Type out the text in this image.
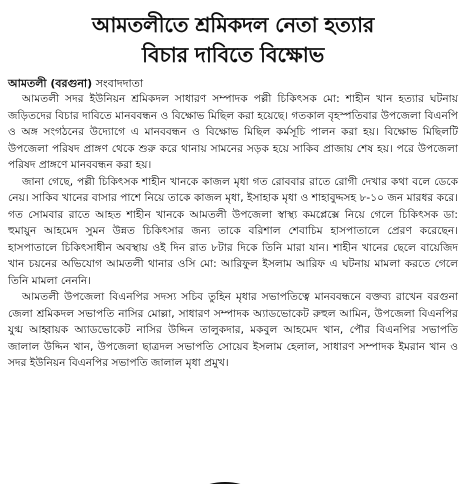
আমতলীতে শ্রমিকদল নেতা হত্যার
বিচার দাবিতে বিক্ষোভ
আমতলী (বরগুনা) সংবাদদাতা

আমতলী সদর ইউনিয়ন শ্রমিকদল সাধারণ সম্পাদক পল্লী চিকিৎসক মো: শাহীন খান হত্যার ঘটনায় জড়িতদের বিচার দাবিতে মানববন্ধন ও বিক্ষোভ মিছিল করা হয়েছে। গতকাল বৃহস্পতিবার উপজেলা বিএনপি ও অঙ্গ সংগঠনের উদ্যোগে এ মানববন্ধন ও বিক্ষোভ মিছিল কর্মসূচি পালন করা হয়। বিক্ষোভ মিছিলটি উপজেলা পরিষদ প্রাঙ্গণ থেকে শুরু করে থানায় সামনের সড়ক হয়ে সাকিব প্রাজায় শেষ হয়। পরে উপজেলা পরিষদ প্রাঙ্গণে মানববন্ধন করা হয়।

জানা গেছে, পল্লী চিকিৎসক শাহীন খানকে কাজল মৃধা গত রোববার রাতে রোগী দেখার কথা বলে ডেকে নেয়। সাকিব খানের বাসার পাশে নিয়ে তাকে কাজল মৃধা, ইসাহাক মৃধা ও শাহাবুদ্দসহ ৮-১০ জন মারধর করে। গত সোমবার রাতে আহত শাহীন খানকে আমতলী উপজেলা স্বাস্থ্য কমপ্লেক্সে নিয়ে গেলে চিকিৎসক ডা: হুমায়ুন আহমেদ সুমন উন্নত চিকিৎসার জন্য তাকে বরিশাল শেবাচিম হাসপাতালে প্রেরণ করেছেন। হাসপাতালে চিকিৎসাধীন অবস্থায় ওই দিন রাত ৮টার দিকে তিনি মারা যান। শাহীন খানের ছেলে বায়েজিদ খান চয়নের অভিযোগ আমতলী থানার ওসি মো: আরিফুল ইসলাম আরিফ এ ঘটনায় মামলা করতে গেলে তিনি মামলা নেননি।

আমতলী উপজেলা বিএনপির সদস্য সচিব তুহিন মৃধার সভাপতিত্বে মানববন্ধনে বক্তব্য রাখেন বরগুনা জেলা শ্রমিকদল সভাপতি নাসির মোল্লা, সাধারণ সম্পাদক অ্যাডভোকেট রুহুল আমিন, উপজেলা বিএনপির যুগ্ম আহ্বায়ক অ্যাডভোকেট নাসির উদ্দিন তালুকদার, মকবুল আহমেদ খান, পৌর বিএনপির সভাপতি জালাল উদ্দিন খান, উপজেলা ছাত্রদল সভাপতি সোয়েব ইসলাম হেলাল, সাধারণ সম্পাদক ইমরান খান ও সদর ইউনিয়ন বিএনপির সভাপতি জালাল মৃধা প্রমুখ।
